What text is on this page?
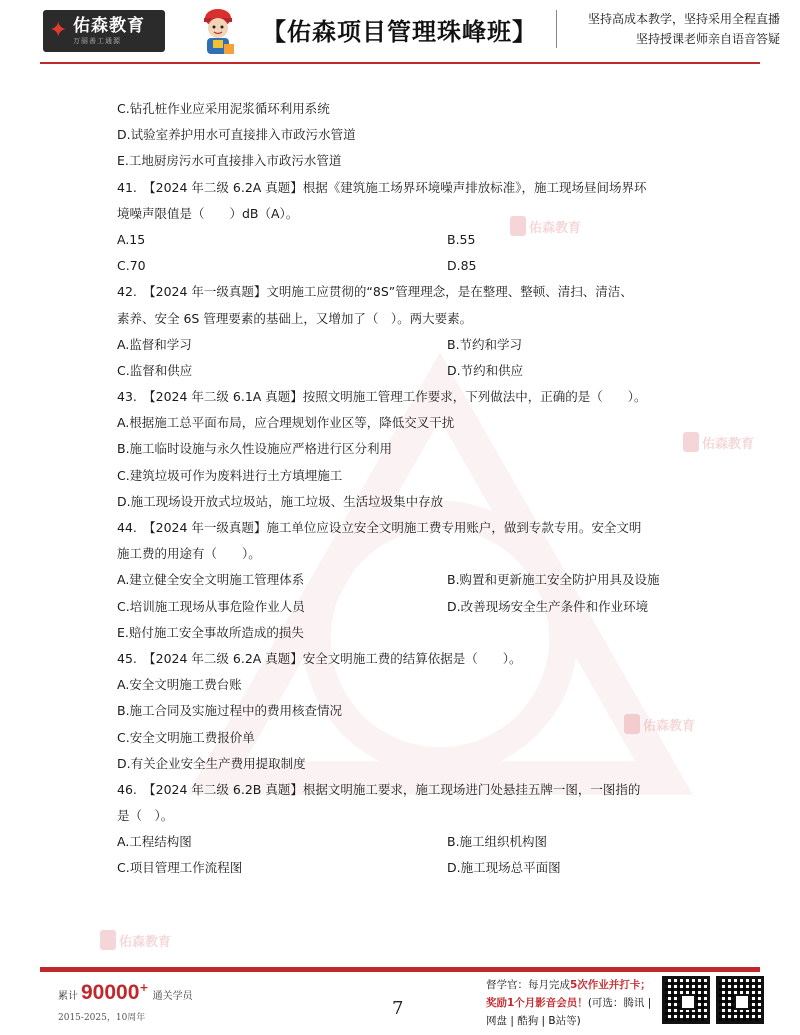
✦ 佑森教育
万丽善工通源	【佑森项目管理珠峰班】	坚持高成本教学，坚持采用全程直播
坚持授课老师亲自语音答疑
佑森教育
佑森教育
佑森教育
佑森教育
C.钻孔桩作业应采用泥浆循环利用系统
D.试验室养护用水可直接排入市政污水管道
E.工地厨房污水可直接排入市政污水管道
41.　【2024 年二级 6.2A 真题】根据《建筑施工场界环境噪声排放标准》，施工现场昼间场界环
境噪声限值是（　　）dB（A）。
A.15	B.55
C.70	D.85
42.　【2024 年一级真题】文明施工应贯彻的“8S”管理理念，是在整理、整顿、清扫、清洁、
素养、安全 6S 管理要素的基础上，又增加了（　）。两大要素。
A.监督和学习	B.节约和学习
C.监督和供应	D.节约和供应
43.　【2024 年二级 6.1A 真题】按照文明施工管理工作要求，下列做法中，正确的是（　　）。
A.根据施工总平面布局，应合理规划作业区等，降低交叉干扰
B.施工临时设施与永久性设施应严格进行区分利用
C.建筑垃圾可作为废料进行土方填埋施工
D.施工现场设开放式垃圾站，施工垃圾、生活垃圾集中存放
44.　【2024 年一级真题】施工单位应设立安全文明施工费专用账户，做到专款专用。安全文明
施工费的用途有（　　）。
A.建立健全安全文明施工管理体系	B.购置和更新施工安全防护用具及设施
C.培训施工现场从事危险作业人员	D.改善现场安全生产条件和作业环境
E.赔付施工安全事故所造成的损失
45.　【2024 年二级 6.2A 真题】安全文明施工费的结算依据是（　　）。
A.安全文明施工费台账
B.施工合同及实施过程中的费用核查情况
C.安全文明施工费报价单
D.有关企业安全生产费用提取制度
46.　【2024 年二级 6.2B 真题】根据文明施工要求，施工现场进门处悬挂五牌一图，一图指的
是（　）。
A.工程结构图	B.施工组织机构图
C.项目管理工作流程图	D.施工现场总平面图
累计 90000 +
通关学员
2015-2025，10周年	7
督学官：每月完成5次作业并打卡；
奖励1个月影音会员！(可选：腾讯 | 网盘 | 酷狗 | B站等)
